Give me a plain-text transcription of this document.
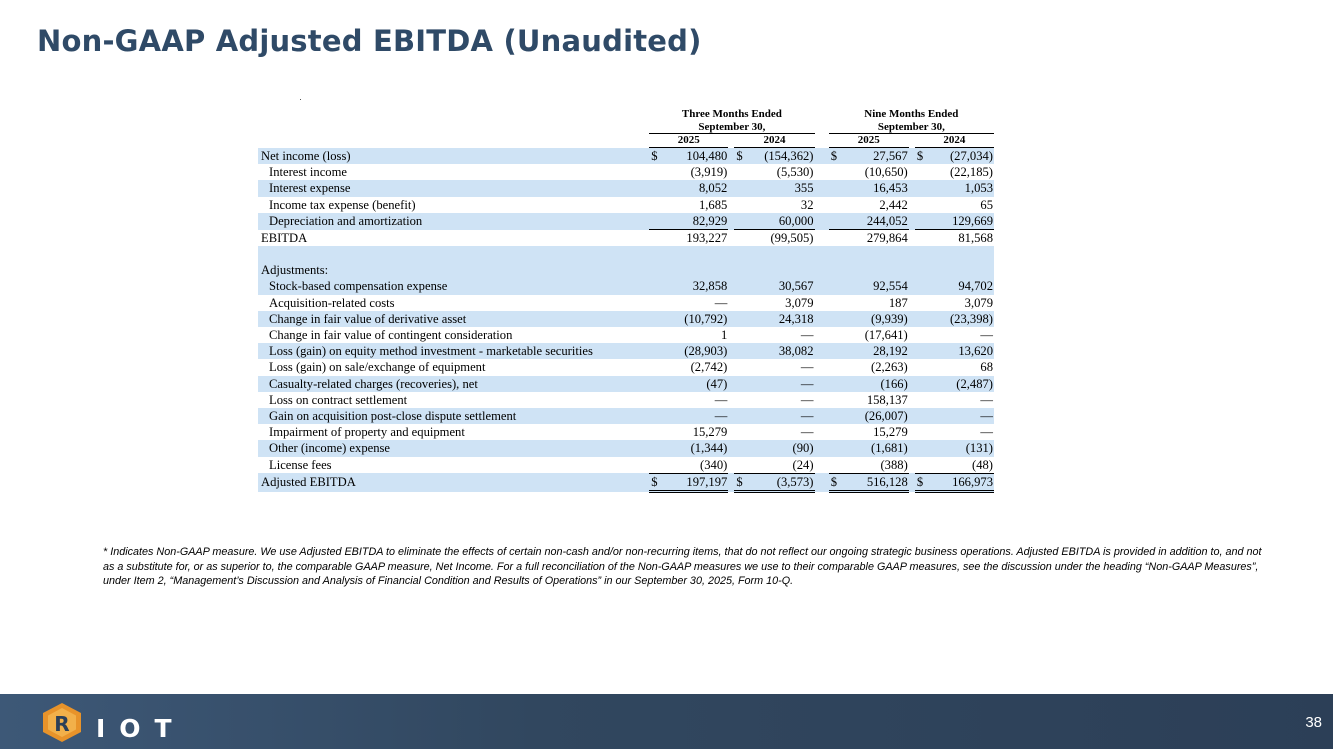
Non-GAAP Adjusted EBITDA (Unaudited)
	Three Months Ended						Nine Months Ended				
	September 30,						September 30,				
	2025			2024			2025			2024	
Net income (loss)	$	104,480		$	(154,362)		$	27,567		$	(27,034)
Interest income		(3,919)			(5,530)			(10,650)			(22,185)
Interest expense		8,052			355			16,453			1,053
Income tax expense (benefit)		1,685			32			2,442			65
Depreciation and amortization		82,929			60,000			244,052			129,669
EBITDA		193,227			(99,505)			279,864			81,568

Adjustments:											
Stock-based compensation expense		32,858			30,567			92,554			94,702
Acquisition-related costs		—			3,079			187			3,079
Change in fair value of derivative asset		(10,792)			24,318			(9,939)			(23,398)
Change in fair value of contingent consideration		1			—			(17,641)			—
Loss (gain) on equity method investment - marketable securities		(28,903)			38,082			28,192			13,620
Loss (gain) on sale/exchange of equipment		(2,742)			—			(2,263)			68
Casualty-related charges (recoveries), net		(47)			—			(166)			(2,487)
Loss on contract settlement		—			—			158,137			—
Gain on acquisition post-close dispute settlement		—			—			(26,007)			—
Impairment of property and equipment		15,279			—			15,279			—
Other (income) expense		(1,344)			(90)			(1,681)			(131)
License fees		(340)			(24)			(388)			(48)
Adjusted EBITDA	$	197,197		$	(3,573)		$	516,128		$	166,973
* Indicates Non-GAAP measure. We use Adjusted EBITDA to eliminate the effects of certain non-cash and/or non-recurring items, that do not reflect our ongoing strategic business operations. Adjusted EBITDA is provided in addition to, and not as a substitute for, or as superior to, the comparable GAAP measure, Net Income. For a full reconciliation of the Non-GAAP measures we use to their comparable GAAP measures, see the discussion under the heading “Non-GAAP Measures”, under Item 2, “Management’s Discussion and Analysis of Financial Condition and Results of Operations” in our September 30, 2025, Form 10-Q.
R IOT	38
